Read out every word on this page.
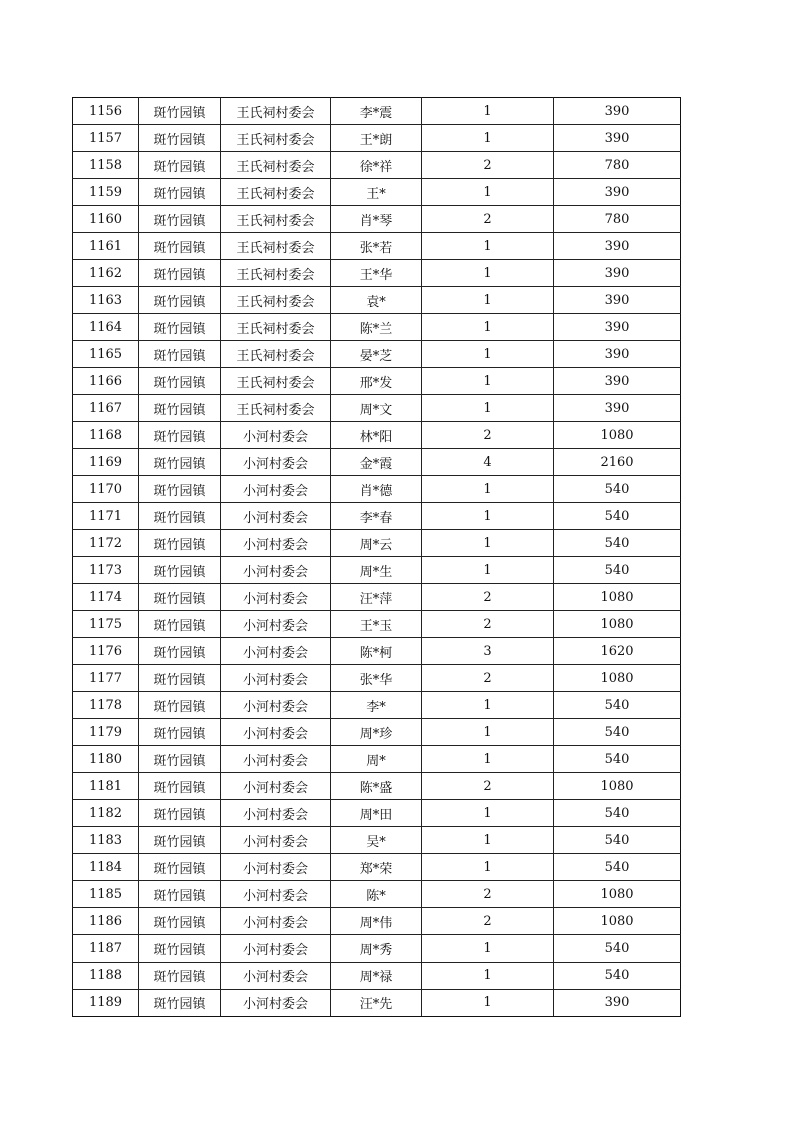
1156	斑竹园镇	王氏祠村委会	李*震	1	390
1157	斑竹园镇	王氏祠村委会	王*朗	1	390
1158	斑竹园镇	王氏祠村委会	徐*祥	2	780
1159	斑竹园镇	王氏祠村委会	王*	1	390
1160	斑竹园镇	王氏祠村委会	肖*琴	2	780
1161	斑竹园镇	王氏祠村委会	张*若	1	390
1162	斑竹园镇	王氏祠村委会	王*华	1	390
1163	斑竹园镇	王氏祠村委会	袁*	1	390
1164	斑竹园镇	王氏祠村委会	陈*兰	1	390
1165	斑竹园镇	王氏祠村委会	晏*芝	1	390
1166	斑竹园镇	王氏祠村委会	邢*发	1	390
1167	斑竹园镇	王氏祠村委会	周*文	1	390
1168	斑竹园镇	小河村委会	林*阳	2	1080
1169	斑竹园镇	小河村委会	金*霞	4	2160
1170	斑竹园镇	小河村委会	肖*德	1	540
1171	斑竹园镇	小河村委会	李*春	1	540
1172	斑竹园镇	小河村委会	周*云	1	540
1173	斑竹园镇	小河村委会	周*生	1	540
1174	斑竹园镇	小河村委会	汪*萍	2	1080
1175	斑竹园镇	小河村委会	王*玉	2	1080
1176	斑竹园镇	小河村委会	陈*柯	3	1620
1177	斑竹园镇	小河村委会	张*华	2	1080
1178	斑竹园镇	小河村委会	李*	1	540
1179	斑竹园镇	小河村委会	周*珍	1	540
1180	斑竹园镇	小河村委会	周*	1	540
1181	斑竹园镇	小河村委会	陈*盛	2	1080
1182	斑竹园镇	小河村委会	周*田	1	540
1183	斑竹园镇	小河村委会	吴*	1	540
1184	斑竹园镇	小河村委会	郑*荣	1	540
1185	斑竹园镇	小河村委会	陈*	2	1080
1186	斑竹园镇	小河村委会	周*伟	2	1080
1187	斑竹园镇	小河村委会	周*秀	1	540
1188	斑竹园镇	小河村委会	周*禄	1	540
1189	斑竹园镇	小河村委会	汪*先	1	390
